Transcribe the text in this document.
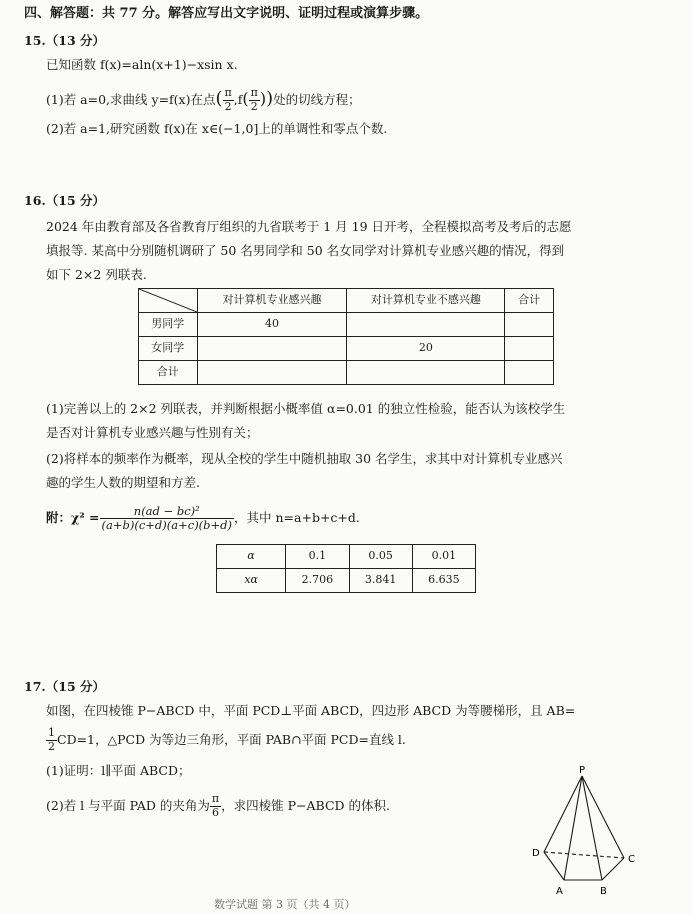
四、解答题：共 77 分。解答应写出文字说明、证明过程或演算步骤。
15.（13 分）
已知函数 f(x)=aln(x+1)−xsin x.
(1)若 a=0,求曲线 y=f(x)在点( $\frac{\pi}{2} ,f( \frac{\pi}{2}$ ))处的切线方程；
(2)若 a=1,研究函数 f(x)在 x∈(−1,0]上的单调性和零点个数.
16.（15 分）
2024 年由教育部及各省教育厅组织的九省联考于 1 月 19 日开考，全程模拟高考及考后的志愿
填报等. 某高中分别随机调研了 50 名男同学和 50 名女同学对计算机专业感兴趣的情况，得到
如下 2×2 列联表.
	对计算机专业感兴趣	对计算机专业不感兴趣	合计
男同学	40		
女同学		20	
合计			
(1)完善以上的 2×2 列联表，并判断根据小概率值 α=0.01 的独立性检验，能否认为该校学生
是否对计算机专业感兴趣与性别有关；
(2)将样本的频率作为概率，现从全校的学生中随机抽取 30 名学生，求其中对计算机专业感兴
趣的学生人数的期望和方差.
附：$\chi^2 = \frac{\text{n(ad − bc)²}}{(a+b)(c+d)(a+c)(b+d)}$ ，其中 n=a+b+c+d.
α	0.1	0.05	0.01
xα	2.706	3.841	6.635
17.（15 分）
如图，在四棱锥 P−ABCD 中，平面 PCD⊥平面 ABCD，四边形 ABCD 为等腰梯形，且 AB=
$\frac{1}{2} CD=1$，△PCD 为等边三角形，平面 PAB∩平面 PCD=直线 l.
(1)证明：l∥平面 ABCD；
(2)若 l 与平面 PAD 的夹角为 $\frac{\pi}{6}$ ，求四棱锥 P−ABCD 的体积.
P
D
A	B
C
数学试题 第 3 页（共 4 页）
